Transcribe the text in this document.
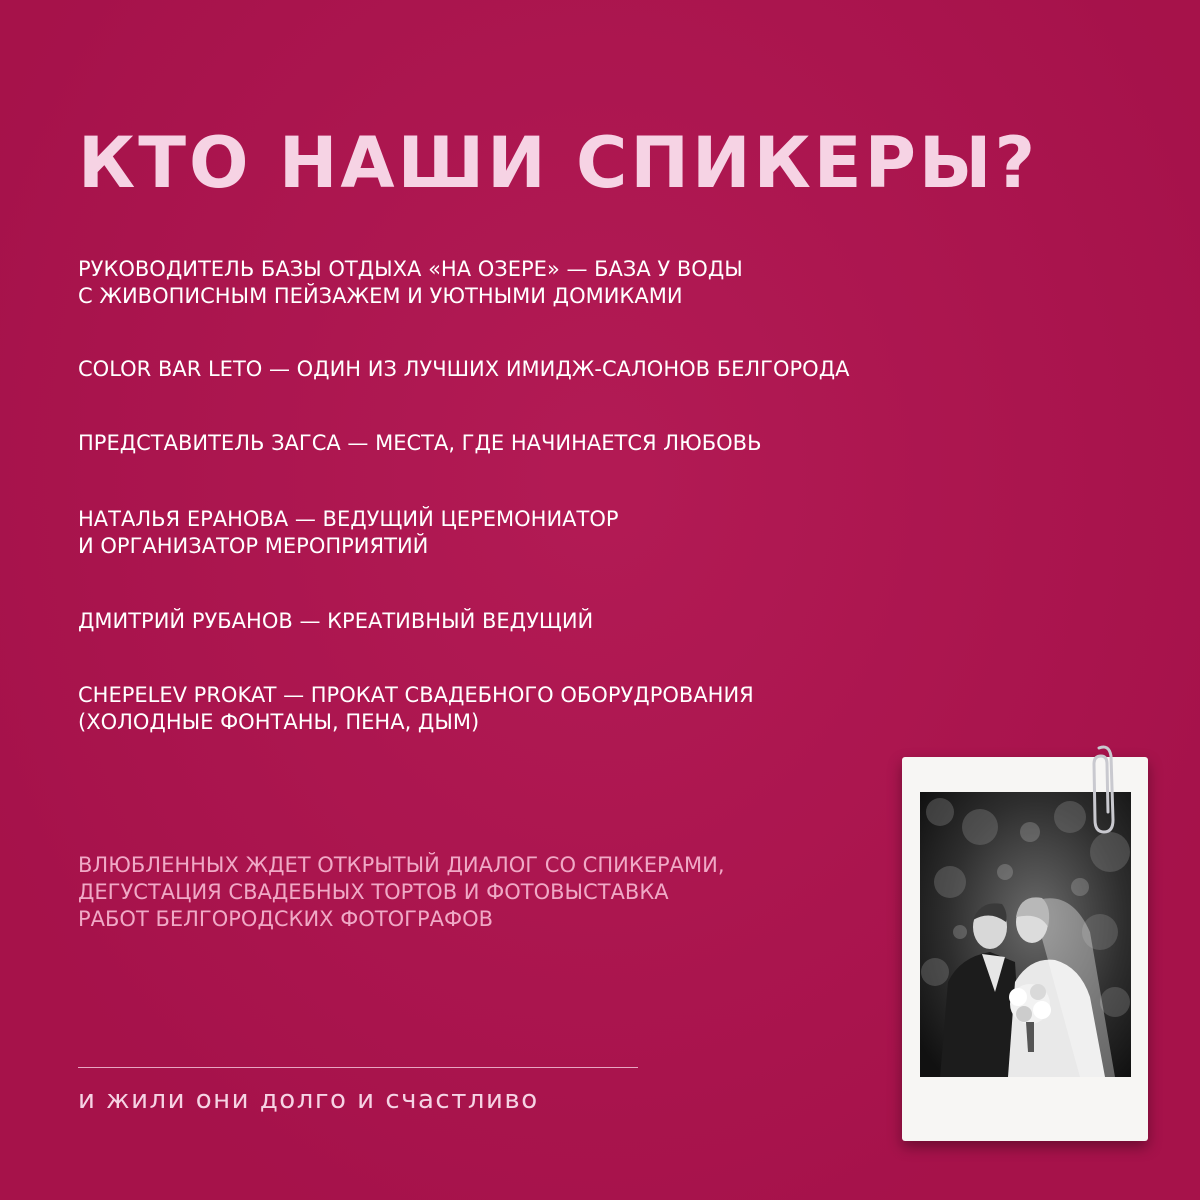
КТО НАШИ СПИКЕРЫ?
РУКОВОДИТЕЛЬ БАЗЫ ОТДЫХА «НА ОЗЕРЕ» — БАЗА У ВОДЫ
С ЖИВОПИСНЫМ ПЕЙЗАЖЕМ И УЮТНЫМИ ДОМИКАМИ
COLOR BAR LETO — ОДИН ИЗ ЛУЧШИХ ИМИДЖ-САЛОНОВ БЕЛГОРОДА
ПРЕДСТАВИТЕЛЬ ЗАГСА — МЕСТА, ГДЕ НАЧИНАЕТСЯ ЛЮБОВЬ
НАТАЛЬЯ ЕРАНОВА — ВЕДУЩИЙ ЦЕРЕМОНИАТОР
И ОРГАНИЗАТОР МЕРОПРИЯТИЙ
ДМИТРИЙ РУБАНОВ — КРЕАТИВНЫЙ ВЕДУЩИЙ
CHEPELEV PROKAT — ПРОКАТ СВАДЕБНОГО ОБОРУДРОВАНИЯ
(ХОЛОДНЫЕ ФОНТАНЫ, ПЕНА, ДЫМ)
ВЛЮБЛЕННЫХ ЖДЕТ ОТКРЫТЫЙ ДИАЛОГ СО СПИКЕРАМИ,
ДЕГУСТАЦИЯ СВАДЕБНЫХ ТОРТОВ И ФОТОВЫСТАВКА
РАБОТ БЕЛГОРОДСКИХ ФОТОГРАФОВ
и жили они долго и счастливо
